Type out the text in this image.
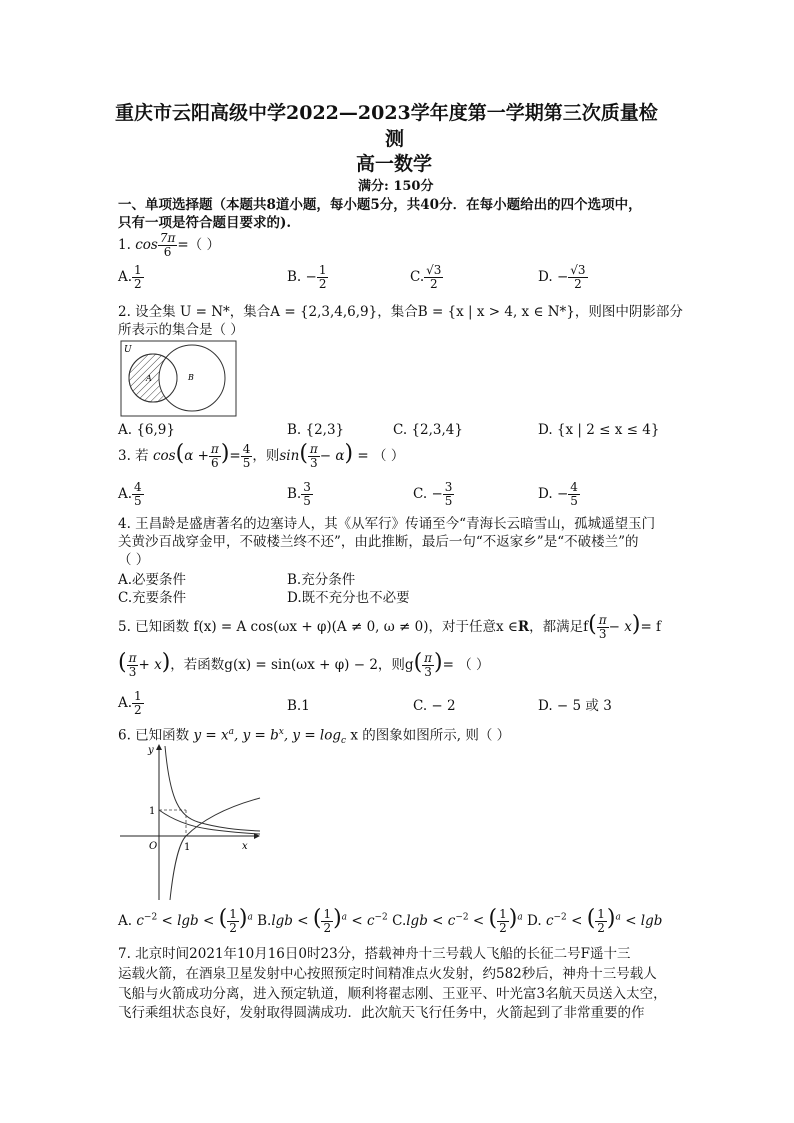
重庆市云阳高级中学2022—2023学年度第一学期第三次质量检
测
高一数学
满分: 150分
一、单项选择题（本题共8道小题，每小题5分，共40分．在每小题给出的四个选项中，
只有一项是符合题目要求的).
1. $\cos \frac{7\pi}{6}$ =（ ）
A. $\frac{1}{2}$	B. − $\frac{1}{2}$	C. $\frac{√3}{2}$	D. − $\frac{√3}{2}$
2. 设全集 U = N*，集合A = {2,3,4,6,9}，集合B = {x | x > 4, x ∈ N*}，则图中阴影部分
所表示的集合是（ ）
U
A	B
A. {6,9}	B. {2,3}	C. {2,3,4}	D. {x | 2 ≤ x ≤ 4}
3. 若 $\cos(\alpha + \frac{\pi}{6}$ )= $\frac{4}{5}$ ，则$\sin( \frac{\pi}{3} - \alpha)$ = （ ）
A. $\frac{4}{5}$	B. $\frac{3}{5}$	C. − $\frac{3}{5}$	D. − $\frac{4}{5}$
4. 王昌龄是盛唐著名的边塞诗人，其《从军行》传诵至今“青海长云暗雪山，孤城遥望玉门
关黄沙百战穿金甲，不破楼兰终不还”，由此推断，最后一句“不返家乡”是“不破楼兰”的
（ ）
A.必要条件	B.充分条件
C.充要条件	D.既不充分也不必要
5. 已知函数 f(x) = A cos(ωx + φ)(A ≠ 0, ω ≠ 0)，对于任意x ∈R，都满足$f( \frac{\pi}{3} - x)= f$
( $\frac{\pi}{3} + x$)，若函数g(x) = sin(ωx + φ) − 2，则$g( \frac{\pi}{3}$ )= （ ）
A. $\frac{1}{2}$	B.1	C. − 2	D. − 5 或 3
6. 已知函数 $y = x^a$, $y = b^x$, $y = \log_c x$ 的图象如图所示, 则（ ）
y
x
O
1
1
A. $c^{-2} < \lg b$ < ( $\frac{1}{2} )^a$ B.lgb < ( $\frac{1}{2} )^a < c^{-2}$ $C.\lg b < c^{-2}$ < ( $\frac{1}{2} )^a$ D. $c^{-2}$ < ( $\frac{1}{2} )^a < \lg b$
7. 北京时间2021年10月16日0时23分，搭载神舟十三号载人飞船的长征二号F遥十三
运载火箭，在酒泉卫星发射中心按照预定时间精准点火发射，约582秒后，神舟十三号载人
飞船与火箭成功分离，进入预定轨道，顺利将翟志刚、王亚平、叶光富3名航天员送入太空，
飞行乘组状态良好，发射取得圆满成功．此次航天飞行任务中，火箭起到了非常重要的作
